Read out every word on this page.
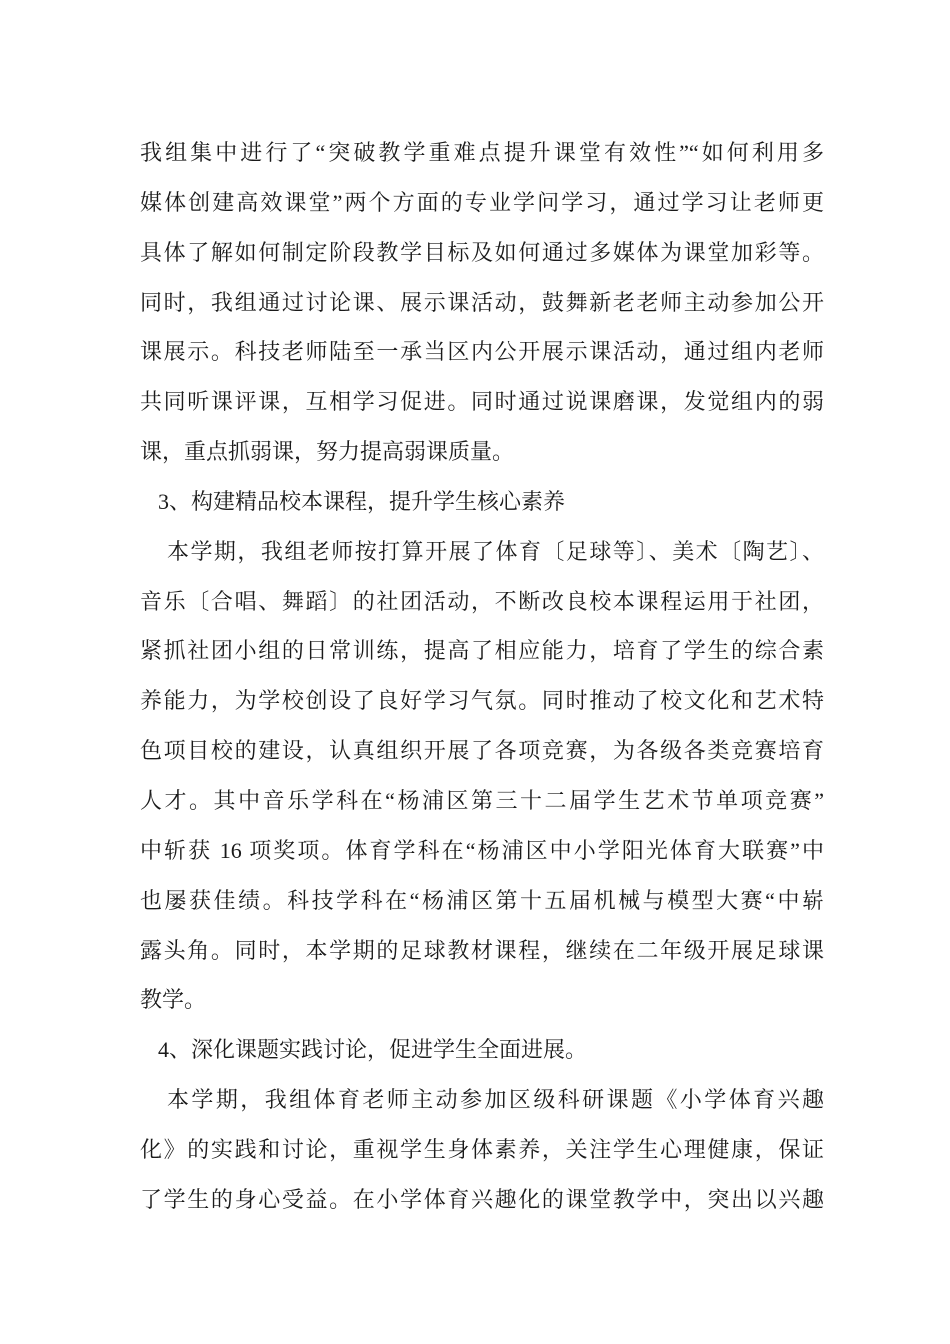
我组集中进行了“突破教学重难点提升课堂有效性”“如何利用多
媒体创建高效课堂”两个方面的专业学问学习，通过学习让老师更
具体了解如何制定阶段教学目标及如何通过多媒体为课堂加彩等。
同时，我组通过讨论课、展示课活动，鼓舞新老老师主动参加公开
课展示。科技老师陆至一承当区内公开展示课活动，通过组内老师
共同听课评课，互相学习促进。同时通过说课磨课，发觉组内的弱
课，重点抓弱课，努力提高弱课质量。
3、构建精品校本课程，提升学生核心素养
本学期，我组老师按打算开展了体育〔足球等〕、美术〔陶艺〕、
音乐〔合唱、舞蹈〕的社团活动，不断改良校本课程运用于社团，
紧抓社团小组的日常训练，提高了相应能力，培育了学生的综合素
养能力，为学校创设了良好学习气氛。同时推动了校文化和艺术特
色项目校的建设，认真组织开展了各项竞赛，为各级各类竞赛培育
人才。其中音乐学科在“杨浦区第三十二届学生艺术节单项竞赛”
中斩获 16 项奖项。体育学科在“杨浦区中小学阳光体育大联赛”中
也屡获佳绩。科技学科在“杨浦区第十五届机械与模型大赛“中崭
露头角。同时，本学期的足球教材课程，继续在二年级开展足球课
教学。
4、深化课题实践讨论，促进学生全面进展。
本学期，我组体育老师主动参加区级科研课题《小学体育兴趣
化》的实践和讨论，重视学生身体素养，关注学生心理健康，保证
了学生的身心受益。在小学体育兴趣化的课堂教学中，突出以兴趣
